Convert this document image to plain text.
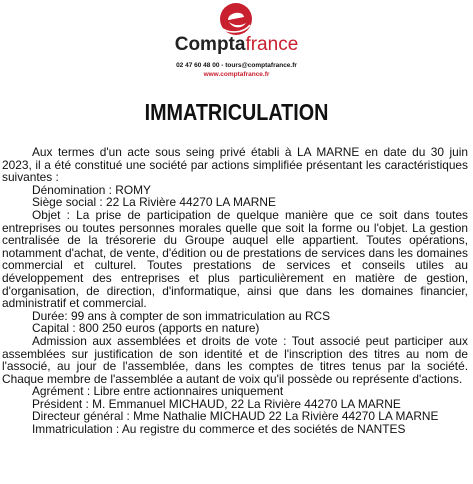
Comptafrance
02 47 60 48 00 - tours@comptafrance.fr
www.comptafrance.fr
IMMATRICULATION

Aux termes d'un acte sous seing privé établi à LA MARNE en date du 30 juin 2023, il a été constitué une société par actions simplifiée présentant les caractéristiques suivantes :

Dénomination : ROMY

Siège social : 22 La Rivière 44270 LA MARNE

Objet : La prise de participation de quelque manière que ce soit dans toutes entreprises ou toutes personnes morales quelle que soit la forme ou l'objet. La gestion centralisée de la trésorerie du Groupe auquel elle appartient. Toutes opérations, notamment d'achat, de vente, d'édition ou de prestations de services dans les domaines commercial et culturel. Toutes prestations de services et conseils utiles au développement des entreprises et plus particulièrement en matière de gestion, d'organisation, de direction, d'informatique, ainsi que dans les domaines financier, administratif et commercial.

Durée: 99 ans à compter de son immatriculation au RCS

Capital : 800 250 euros (apports en nature)

Admission aux assemblées et droits de vote : Tout associé peut participer aux assemblées sur justification de son identité et de l'inscription des titres au nom de l'associé, au jour de l'assemblée, dans les comptes de titres tenus par la société. Chaque membre de l'assemblée a autant de voix qu'il possède ou représente d'actions.

Agrément : Libre entre actionnaires uniquement

Président : M. Emmanuel MICHAUD, 22 La Rivière 44270 LA MARNE

Directeur général : Mme Nathalie MICHAUD 22 La Rivière 44270 LA MARNE

Immatriculation : Au registre du commerce et des sociétés de NANTES
